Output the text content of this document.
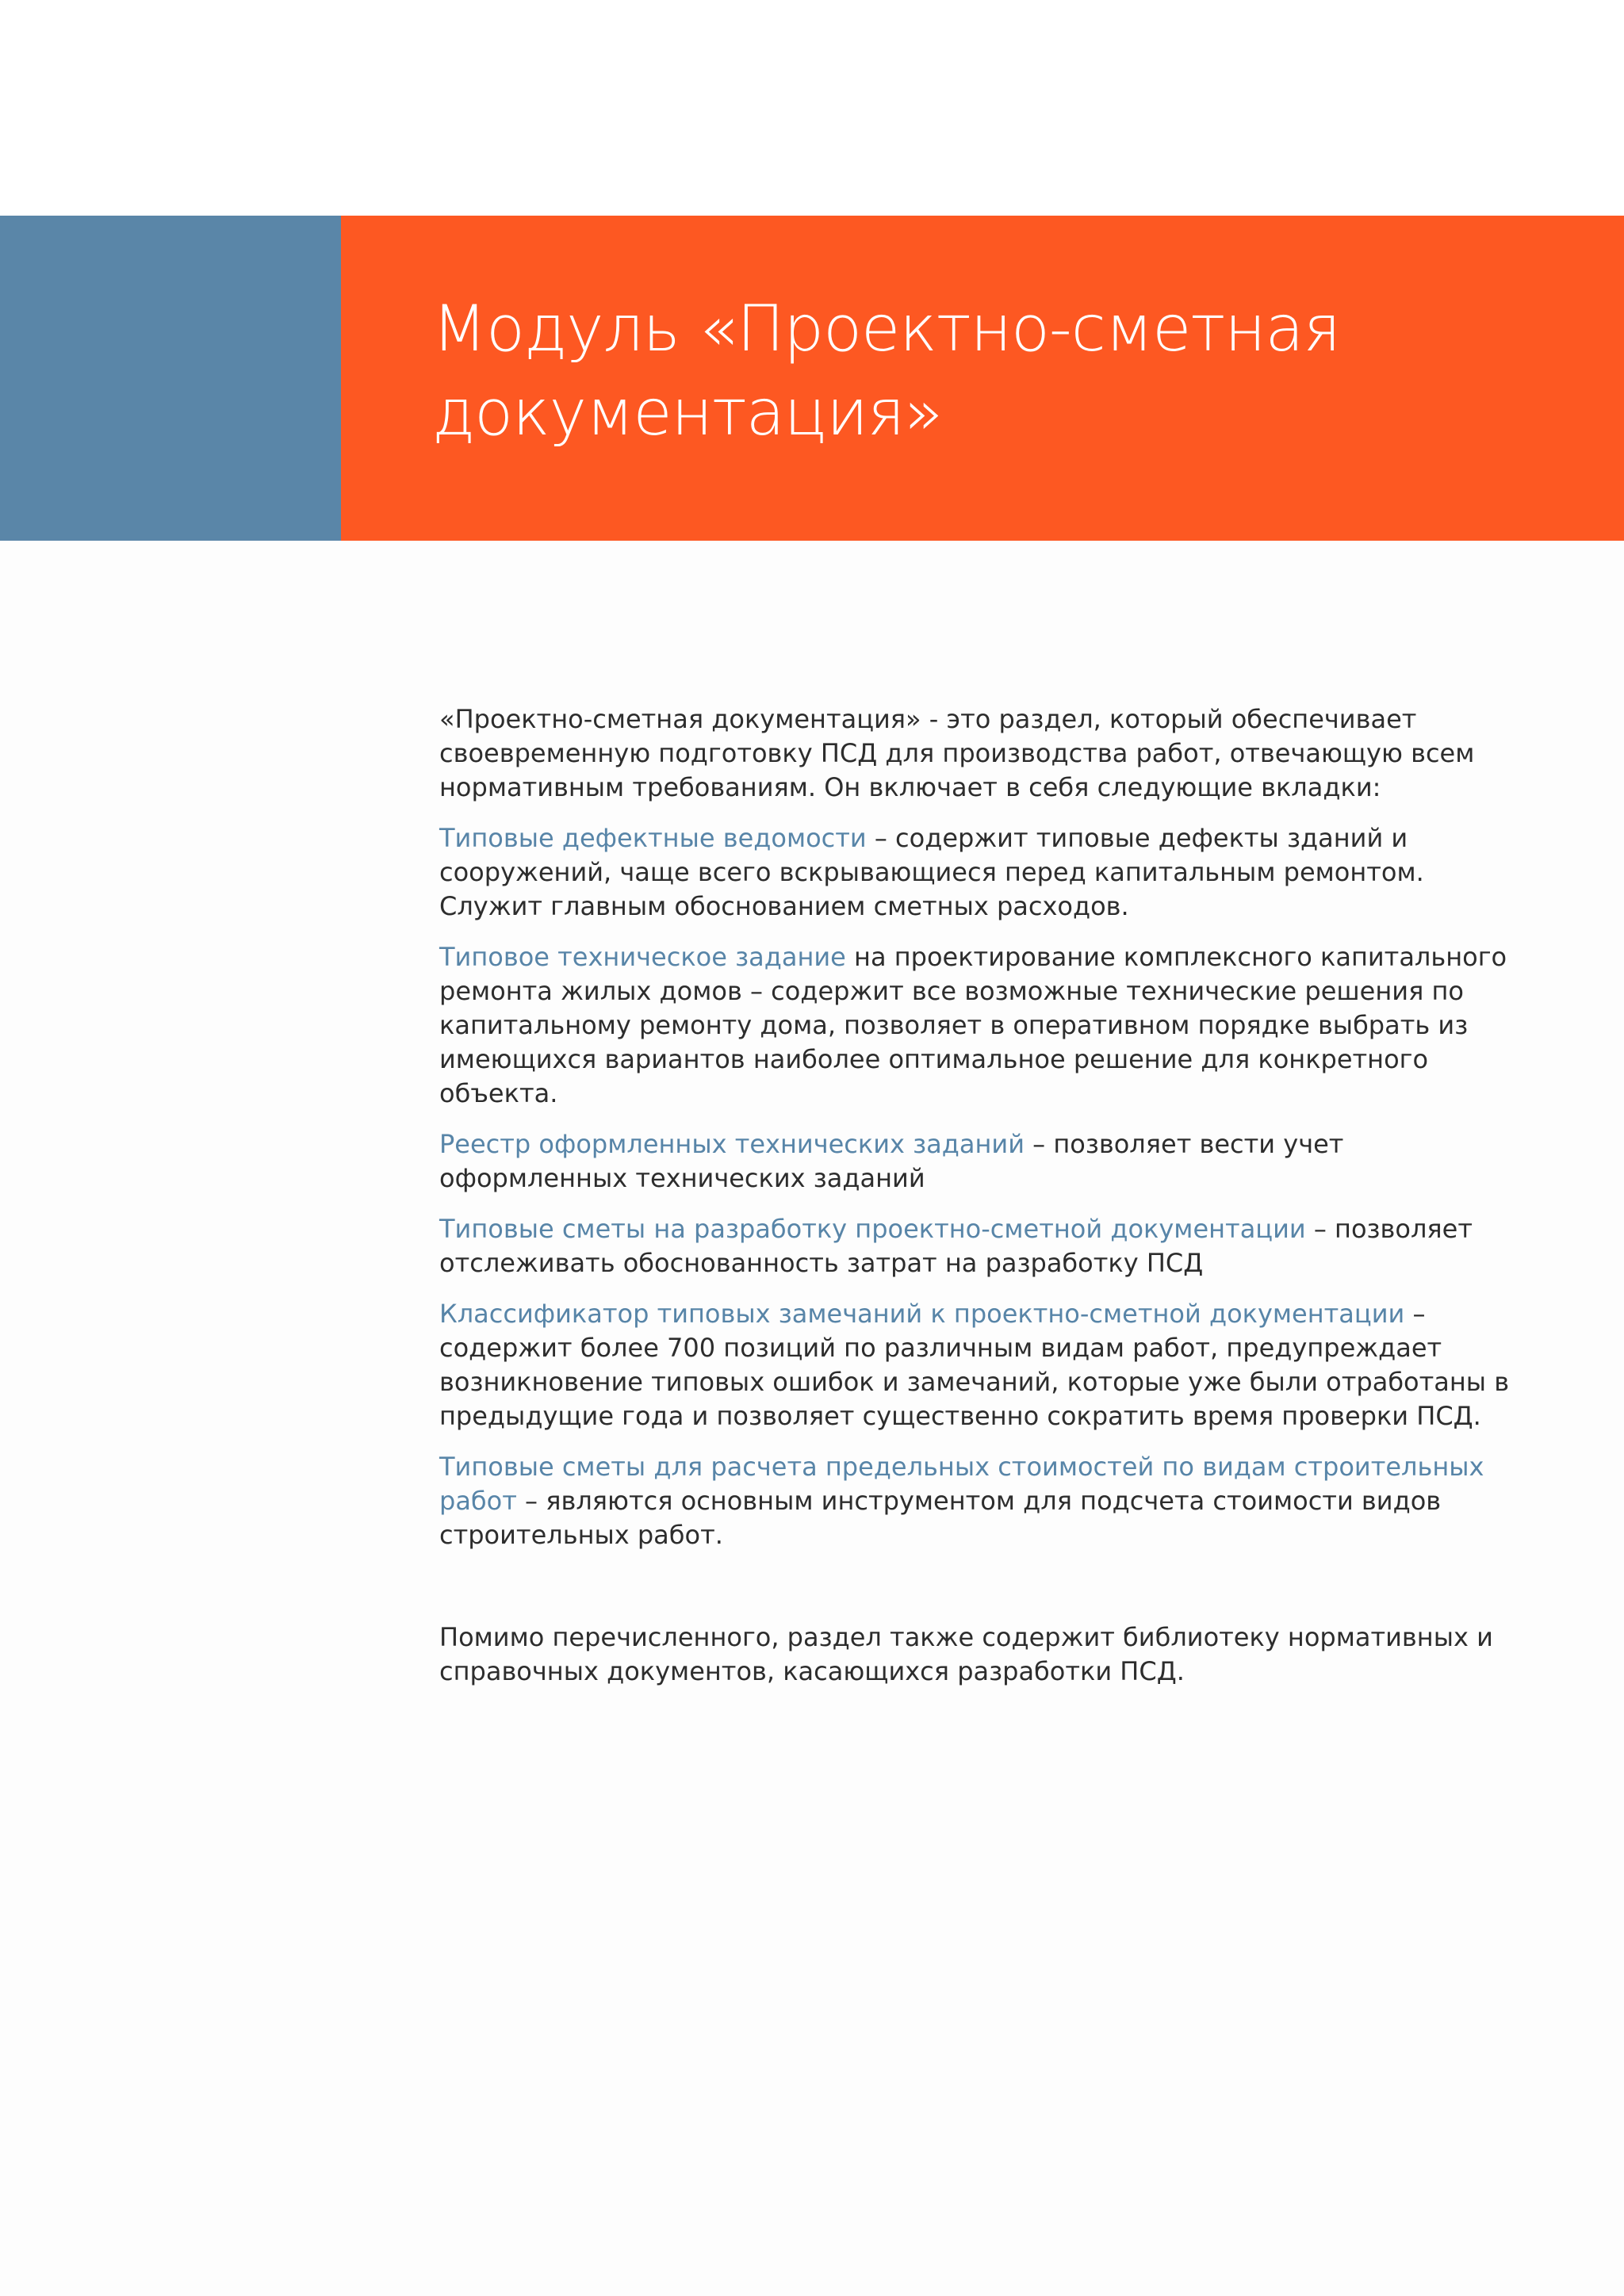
Модуль «Проектно-сметная
документация»

«Проектно-сметная документация» - это раздел, который обеспечивает своевременную подготовку ПСД для производства работ, отвечающую всем нормативным требованиям. Он включает в себя следующие вкладки:

Типовые дефектные ведомости – содержит типовые дефекты зданий и сооружений, чаще всего вскрывающиеся перед капитальным ремонтом. Служит главным обоснованием сметных расходов.

Типовое техническое задание на проектирование комплексного капитального ремонта жилых домов – содержит все возможные технические решения по капитальному ремонту дома, позволяет в оперативном порядке выбрать из имеющихся вариантов наиболее оптимальное решение для конкретного объекта.

Реестр оформленных технических заданий – позволяет вести учет оформленных технических заданий

Типовые сметы на разработку проектно-сметной документации – позволяет отслеживать обоснованность затрат на разработку ПСД

Классификатор типовых замечаний к проектно-сметной документации – содержит более 700 позиций по различным видам работ, предупреждает возникновение типовых ошибок и замечаний, которые уже были отработаны в предыдущие года и позволяет существенно сократить время проверки ПСД.

Типовые сметы для расчета предельных стоимостей по видам строительных работ – являются основным инструментом для подсчета стоимости видов строительных работ.

Помимо перечисленного, раздел также содержит библиотеку нормативных и справочных документов, касающихся разработки ПСД.
